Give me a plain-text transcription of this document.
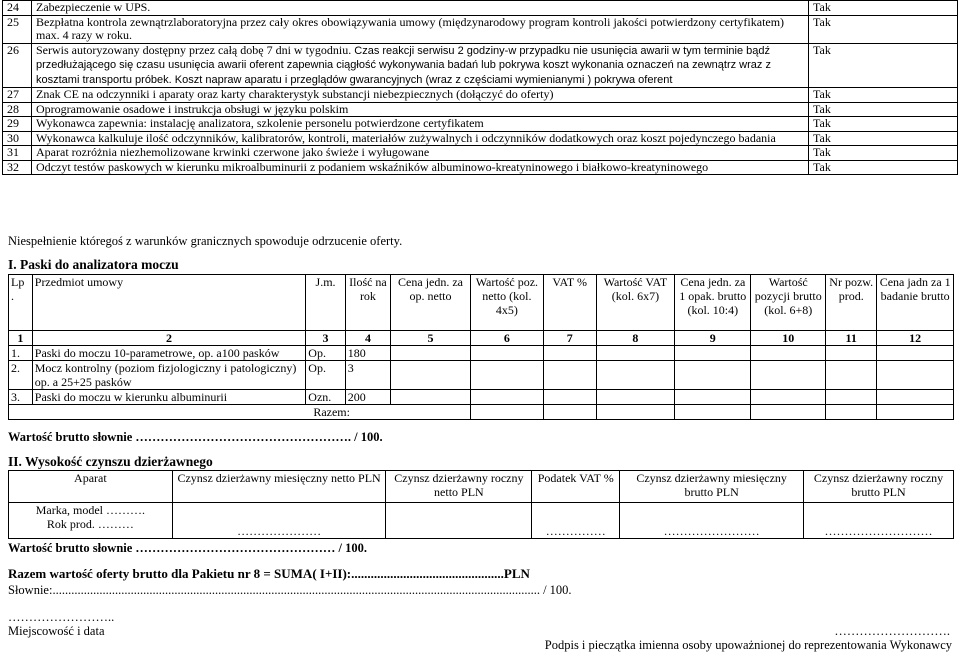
24	Zabezpieczenie w UPS.	Tak
25	Bezpłatna kontrola zewnątrzlaboratoryjna przez cały okres obowiązywania umowy (międzynarodowy program kontroli jakości potwierdzony certyfikatem) max. 4 razy w roku.	Tak
26	Serwis autoryzowany dostępny przez całą dobę 7 dni w tygodniu. Czas reakcji serwisu 2 godziny-w przypadku nie usunięcia awarii w tym terminie bądź przedłużającego się czasu usunięcia awarii oferent zapewnia ciągłość wykonywania badań lub pokrywa koszt wykonania oznaczeń na zewnątrz wraz z kosztami transportu próbek. Koszt napraw aparatu i przeglądów gwarancyjnych (wraz z częściami wymienianymi ) pokrywa oferent	Tak
27	Znak CE na odczynniki i aparaty oraz karty charakterystyk substancji niebezpiecznych (dołączyć do oferty)	Tak
28	Oprogramowanie osadowe i instrukcja obsługi w języku polskim	Tak
29	Wykonawca zapewnia: instalację analizatora, szkolenie personelu potwierdzone certyfikatem	Tak
30	Wykonawca kalkuluje ilość odczynników, kalibratorów, kontroli, materiałów zużywalnych i odczynników dodatkowych oraz koszt pojedynczego badania	Tak
31	Aparat rozróżnia niezhemolizowane krwinki czerwone jako świeże i wyługowane	Tak
32	Odczyt testów paskowych w kierunku mikroalbuminurii z podaniem wskaźników albuminowo-kreatyninowego i białkowo-kreatyninowego	Tak
Niespełnienie któregoś z warunków granicznych spowoduje odrzucenie oferty.
I. Paski do analizatora moczu
Lp .	Przedmiot umowy	J.m.	Ilość na rok	Cena jedn. za op. netto	Wartość poz. netto (kol. 4x5)	VAT %	Wartość VAT (kol. 6x7)	Cena jedn. za 1 opak. brutto (kol. 10:4)	Wartość pozycji brutto (kol. 6+8)	Nr pozw. prod.	Cena jadn za 1 badanie brutto
1	2	3	4	5	6	7	8	9	10	11	12
1.	Paski do moczu 10-parametrowe, op. a100 pasków	Op.	180								
2.	Mocz kontrolny (poziom fizjologiczny i patologiczny) op. a 25+25 pasków	Op.	3								
3.	Paski do moczu w kierunku albuminurii	Ozn.	200								
Razem:											
Wartość brutto słownie ……………………………………………. / 100.
II. Wysokość czynszu dzierżawnego
Aparat	Czynsz dzierżawny miesięczny netto PLN	Czynsz dzierżawny roczny netto PLN	Podatek VAT %	Czynsz dzierżawny miesięczny brutto PLN	Czynsz dzierżawny roczny brutto PLN

Marka, model ……….
Rok prod. ………	…………………		……………	……………………	………………………
Wartość brutto słownie ………………………………………… / 100.
Razem wartość oferty brutto dla Pakietu nr 8 = SUMA( I+II):...............................................PLN
Słownie:............................................................................................................................................................ / 100.
……………………..
Miejscowość i data	……………………….
Podpis i pieczątka imienna osoby upoważnionej do reprezentowania Wykonawcy
